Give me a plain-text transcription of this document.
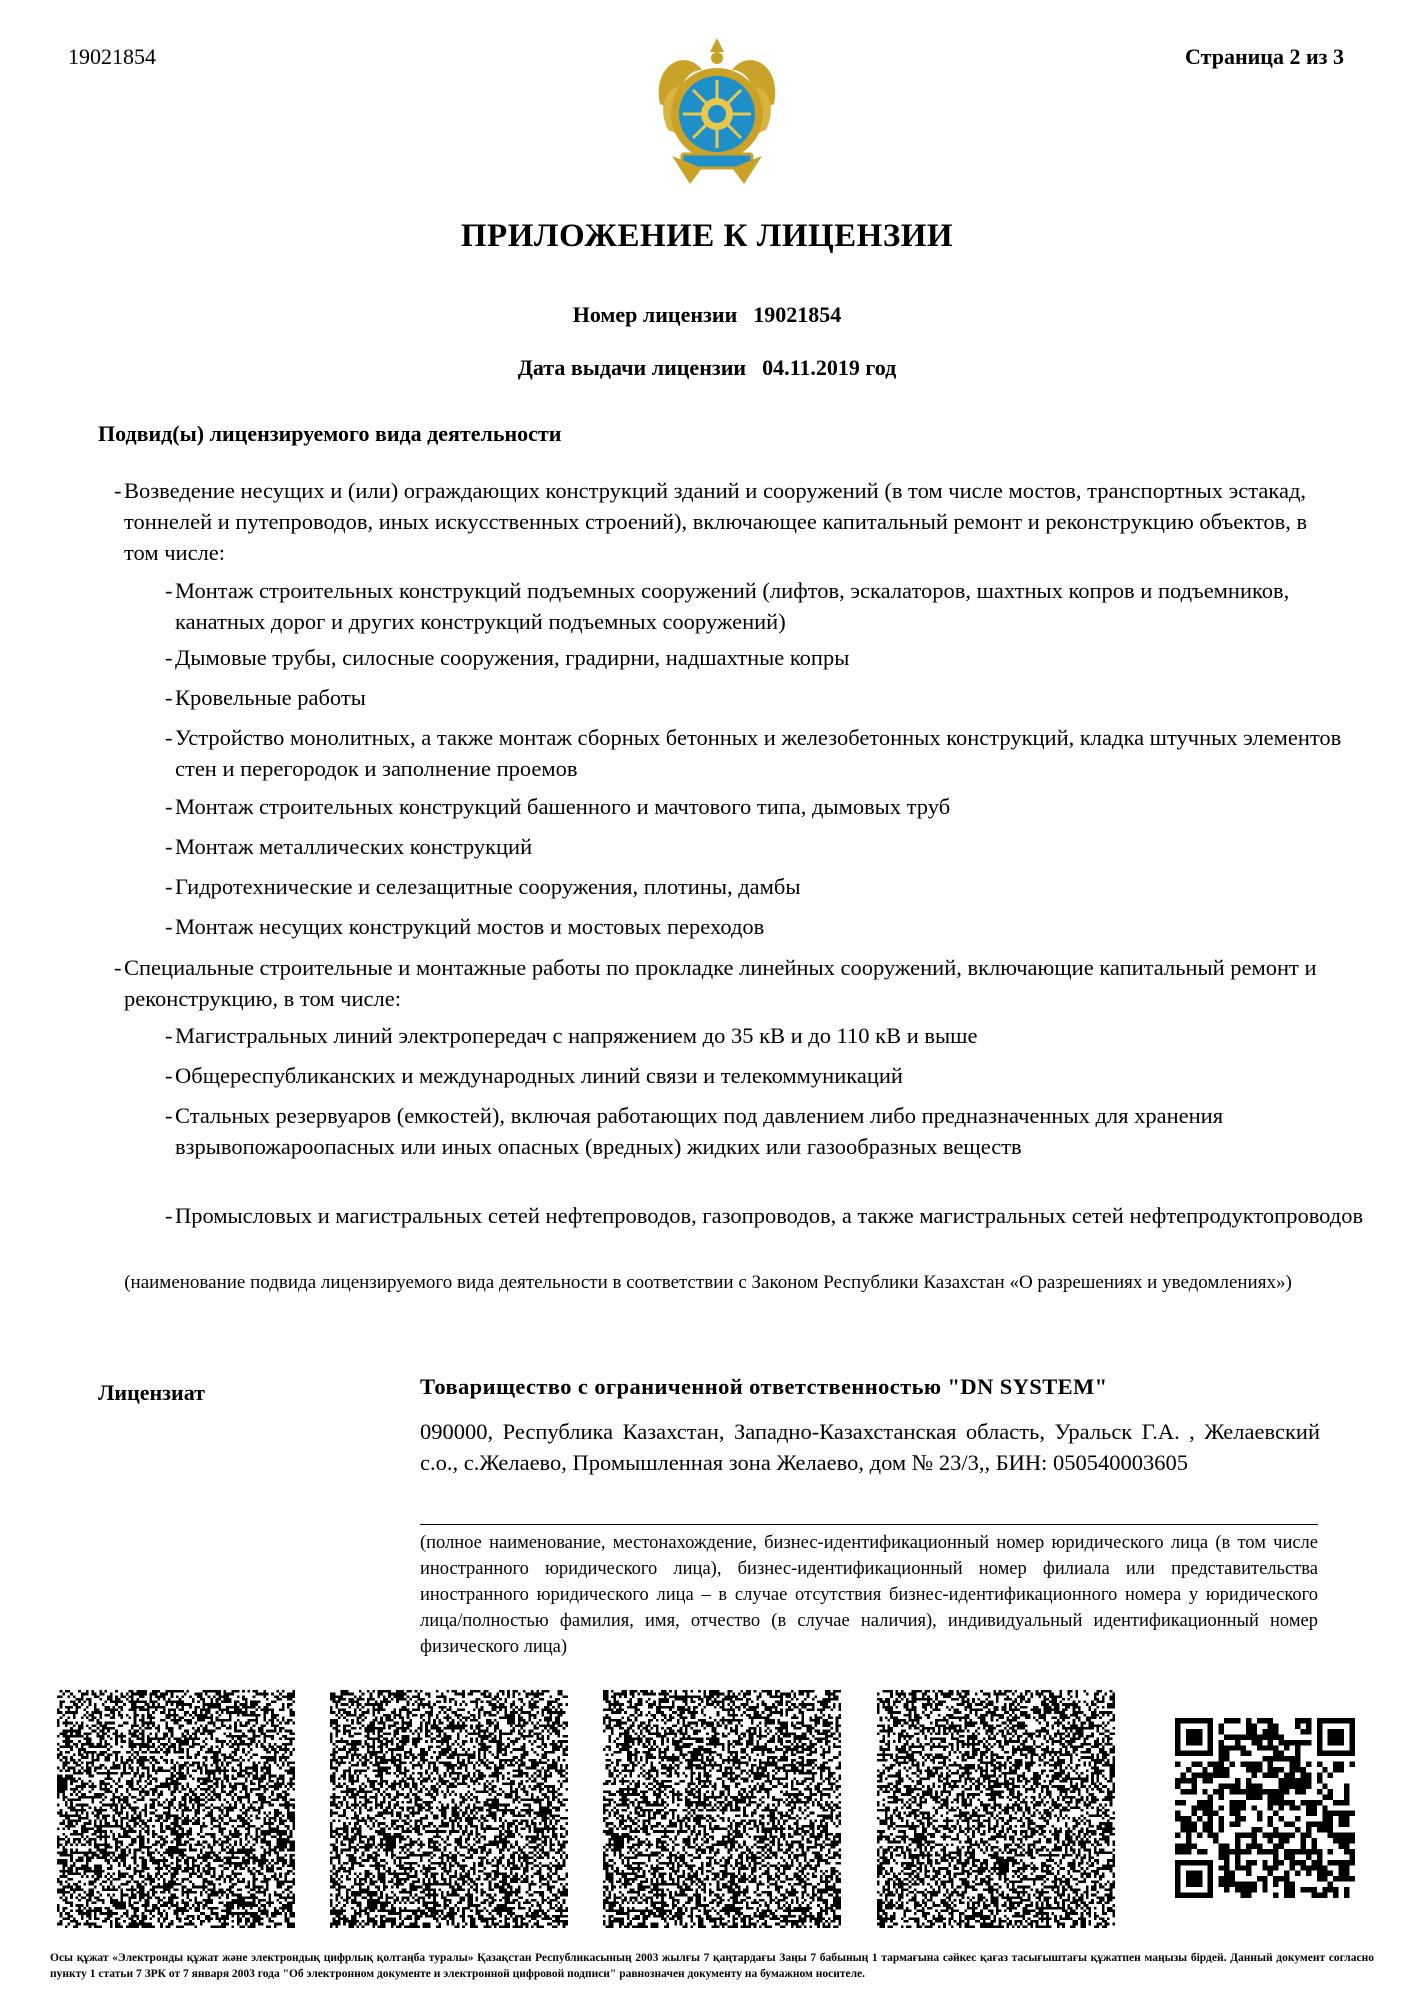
19021854	Страница 2 из 3
ПРИЛОЖЕНИЕ К ЛИЦЕНЗИИ
Номер лицензии 19021854
Дата выдачи лицензии 04.11.2019 год
Подвид(ы) лицензируемого вида деятельности
- Возведение несущих и (или) ограждающих конструкций зданий и сооружений (в том числе мостов, транспортных эстакад, тоннелей и путепроводов, иных искусственных строений), включающее капитальный ремонт и реконструкцию объектов, в том числе:
- Монтаж строительных конструкций подъемных сооружений (лифтов, эскалаторов, шахтных копров и подъемников, канатных дорог и других конструкций подъемных сооружений)
- Дымовые трубы, силосные сооружения, градирни, надшахтные копры
- Кровельные работы
- Устройство монолитных, а также монтаж сборных бетонных и железобетонных конструкций, кладка штучных элементов стен и перегородок и заполнение проемов
- Монтаж строительных конструкций башенного и мачтового типа, дымовых труб
- Монтаж металлических конструкций
- Гидротехнические и селезащитные сооружения, плотины, дамбы
- Монтаж несущих конструкций мостов и мостовых переходов
- Специальные строительные и монтажные работы по прокладке линейных сооружений, включающие капитальный ремонт и реконструкцию, в том числе:
- Магистральных линий электропередач с напряжением до 35 кВ и до 110 кВ и выше
- Общереспубликанских и международных линий связи и телекоммуникаций
- Стальных резервуаров (емкостей), включая работающих под давлением либо предназначенных для хранения взрывопожароопасных или иных опасных (вредных) жидких или газообразных веществ
- Промысловых и магистральных сетей нефтепроводов, газопроводов, а также магистральных сетей нефтепродуктопроводов
(наименование подвида лицензируемого вида деятельности в соответствии с Законом Республики Казахстан «О разрешениях и уведомлениях»)
Лицензиат	Товарищество с ограниченной ответственностью "DN SYSTEM"
090000, Республика Казахстан, Западно-Казахстанская область, Уральск Г.А. , Желаевский с.о., с.Желаево, Промышленная зона Желаево, дом № 23/3,, БИН: 050540003605
(полное наименование, местонахождение, бизнес-идентификационный номер юридического лица (в том числе иностранного юридического лица), бизнес-идентификационный номер филиала или представительства иностранного юридического лица – в случае отсутствия бизнес-идентификационного номера у юридического лица/полностью фамилия, имя, отчество (в случае наличия), индивидуальный идентификационный номер физического лица)
Осы құжат «Электронды құжат және электрондық цифрлық қолтаңба туралы» Қазақстан Республикасының 2003 жылғы 7 қаңтардағы Заңы 7 бабының 1 тармағына сәйкес қағаз тасығыштағы құжатпен маңызы бірдей. Данный документ согласно пункту 1 статьи 7 ЗРК от 7 января 2003 года "Об электронном документе и электронной цифровой подписи" равнозначен документу на бумажном носителе.
